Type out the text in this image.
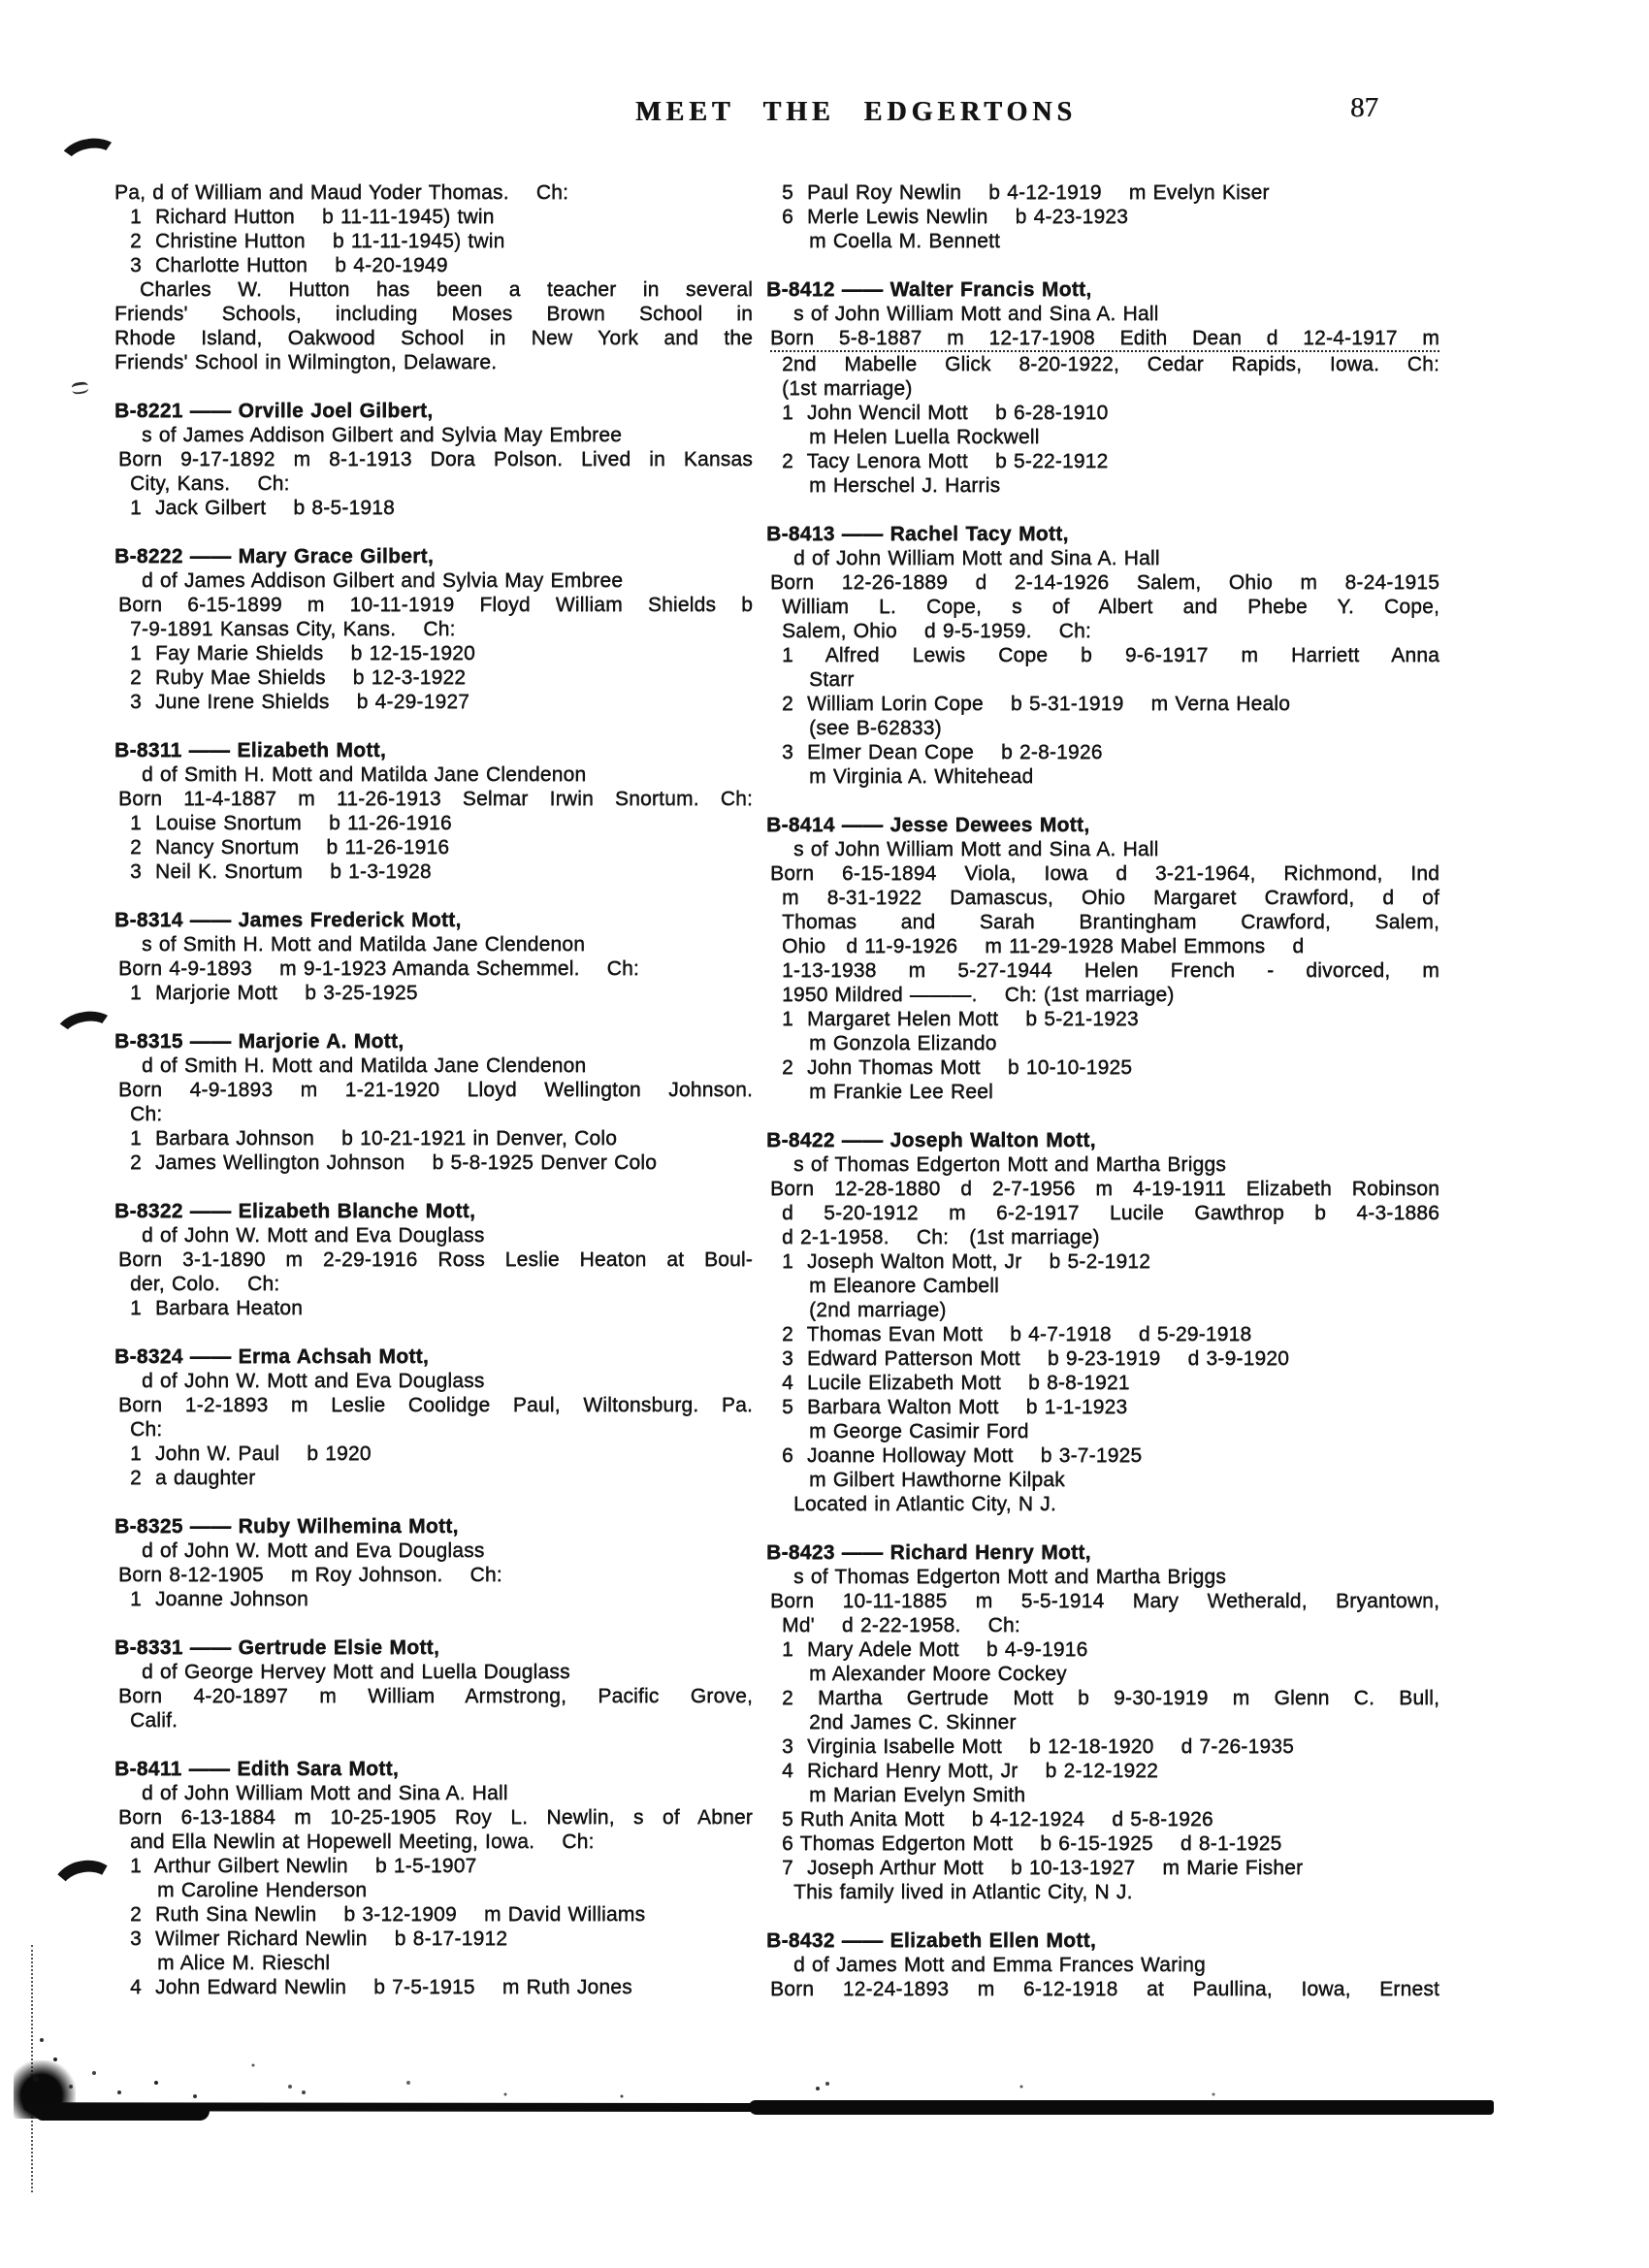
MEET THE EDGERTONS	87
Pa, d of William and Maud Yoder Thomas.    Ch:
1  Richard Hutton    b 11-11-1945) twin
2  Christine Hutton    b 11-11-1945) twin
3  Charlotte Hutton    b 4-20-1949
Charles W. Hutton has been a teacher in several
Friends' Schools, including Moses Brown School in
Rhode Island, Oakwood School in New York and the
Friends' School in Wilmington, Delaware.
B-8221 —— Orville Joel Gilbert,
s of James Addison Gilbert and Sylvia May Embree
Born 9-17-1892 m 8-1-1913 Dora Polson. Lived in Kansas
City, Kans.    Ch:
1  Jack Gilbert    b 8-5-1918
B-8222 —— Mary Grace Gilbert,
d of James Addison Gilbert and Sylvia May Embree
Born 6-15-1899 m 10-11-1919 Floyd William Shields b
7-9-1891 Kansas City, Kans.    Ch:
1  Fay Marie Shields    b 12-15-1920
2  Ruby Mae Shields    b 12-3-1922
3  June Irene Shields    b 4-29-1927
B-8311 —— Elizabeth Mott,
d of Smith H. Mott and Matilda Jane Clendenon
Born 11-4-1887 m 11-26-1913 Selmar Irwin Snortum. Ch:
1  Louise Snortum    b 11-26-1916
2  Nancy Snortum    b 11-26-1916
3  Neil K. Snortum    b 1-3-1928
B-8314 —— James Frederick Mott,
s of Smith H. Mott and Matilda Jane Clendenon
Born 4-9-1893    m 9-1-1923 Amanda Schemmel.    Ch:
1  Marjorie Mott    b 3-25-1925
B-8315 —— Marjorie A. Mott,
d of Smith H. Mott and Matilda Jane Clendenon
Born 4-9-1893 m 1-21-1920 Lloyd Wellington Johnson.
Ch:
1  Barbara Johnson    b 10-21-1921 in Denver, Colo
2  James Wellington Johnson    b 5-8-1925 Denver Colo
B-8322 —— Elizabeth Blanche Mott,
d of John W. Mott and Eva Douglass
Born 3-1-1890 m 2-29-1916 Ross Leslie Heaton at Boul-
der, Colo.    Ch:
1  Barbara Heaton
B-8324 —— Erma Achsah Mott,
d of John W. Mott and Eva Douglass
Born 1-2-1893 m Leslie Coolidge Paul, Wiltonsburg. Pa.
Ch:
1  John W. Paul    b 1920
2  a daughter
B-8325 —— Ruby Wilhemina Mott,
d of John W. Mott and Eva Douglass
Born 8-12-1905    m Roy Johnson.    Ch:
1  Joanne Johnson
B-8331 —— Gertrude Elsie Mott,
d of George Hervey Mott and Luella Douglass
Born 4-20-1897 m William Armstrong, Pacific Grove,
Calif.
B-8411 —— Edith Sara Mott,
d of John William Mott and Sina A. Hall
Born 6-13-1884 m 10-25-1905 Roy L. Newlin, s of Abner
and Ella Newlin at Hopewell Meeting, Iowa.    Ch:
1  Arthur Gilbert Newlin    b 1-5-1907
m Caroline Henderson
2  Ruth Sina Newlin    b 3-12-1909    m David Williams
3  Wilmer Richard Newlin    b 8-17-1912
m Alice M. Rieschl
4  John Edward Newlin    b 7-5-1915    m Ruth Jones
5  Paul Roy Newlin    b 4-12-1919    m Evelyn Kiser
6  Merle Lewis Newlin    b 4-23-1923
m Coella M. Bennett
B-8412 —— Walter Francis Mott,
s of John William Mott and Sina A. Hall
Born 5-8-1887 m 12-17-1908 Edith Dean d 12-4-1917 m
2nd Mabelle Glick 8-20-1922, Cedar Rapids, Iowa. Ch:
(1st marriage)
1  John Wencil Mott    b 6-28-1910
m Helen Luella Rockwell
2  Tacy Lenora Mott    b 5-22-1912
m Herschel J. Harris
B-8413 —— Rachel Tacy Mott,
d of John William Mott and Sina A. Hall
Born 12-26-1889 d 2-14-1926 Salem, Ohio m 8-24-1915
William L. Cope, s of Albert and Phebe Y. Cope,
Salem, Ohio    d 9-5-1959.    Ch:
1 Alfred Lewis Cope b 9-6-1917 m Harriett Anna
Starr
2  William Lorin Cope    b 5-31-1919    m Verna Healo
(see B-62833)
3  Elmer Dean Cope    b 2-8-1926
m Virginia A. Whitehead
B-8414 —— Jesse Dewees Mott,
s of John William Mott and Sina A. Hall
Born 6-15-1894 Viola, Iowa d 3-21-1964, Richmond, Ind
m 8-31-1922 Damascus, Ohio Margaret Crawford, d of
Thomas and Sarah Brantingham Crawford, Salem,
Ohio   d 11-9-1926    m 11-29-1928 Mabel Emmons    d
1-13-1938 m 5-27-1944 Helen French - divorced, m
1950 Mildred ———.    Ch: (1st marriage)
1  Margaret Helen Mott    b 5-21-1923
m Gonzola Elizando
2  John Thomas Mott    b 10-10-1925
m Frankie Lee Reel
B-8422 —— Joseph Walton Mott,
s of Thomas Edgerton Mott and Martha Briggs
Born 12-28-1880 d 2-7-1956 m 4-19-1911 Elizabeth Robinson
d 5-20-1912 m 6-2-1917 Lucile Gawthrop b 4-3-1886
d 2-1-1958.    Ch:   (1st marriage)
1  Joseph Walton Mott, Jr    b 5-2-1912
m Eleanore Cambell
(2nd marriage)
2  Thomas Evan Mott    b 4-7-1918    d 5-29-1918
3  Edward Patterson Mott    b 9-23-1919    d 3-9-1920
4  Lucile Elizabeth Mott    b 8-8-1921
5  Barbara Walton Mott    b 1-1-1923
m George Casimir Ford
6  Joanne Holloway Mott    b 3-7-1925
m Gilbert Hawthorne Kilpak
Located in Atlantic City, N J.
B-8423 —— Richard Henry Mott,
s of Thomas Edgerton Mott and Martha Briggs
Born 10-11-1885 m 5-5-1914 Mary Wetherald, Bryantown,
Md'    d 2-22-1958.    Ch:
1  Mary Adele Mott    b 4-9-1916
m Alexander Moore Cockey
2 Martha Gertrude Mott b 9-30-1919 m Glenn C. Bull,
2nd James C. Skinner
3  Virginia Isabelle Mott    b 12-18-1920    d 7-26-1935
4  Richard Henry Mott, Jr    b 2-12-1922
m Marian Evelyn Smith
5 Ruth Anita Mott    b 4-12-1924    d 5-8-1926
6 Thomas Edgerton Mott    b 6-15-1925    d 8-1-1925
7  Joseph Arthur Mott    b 10-13-1927    m Marie Fisher
This family lived in Atlantic City, N J.
B-8432 —— Elizabeth Ellen Mott,
d of James Mott and Emma Frances Waring
Born 12-24-1893 m 6-12-1918 at Paullina, Iowa, Ernest
